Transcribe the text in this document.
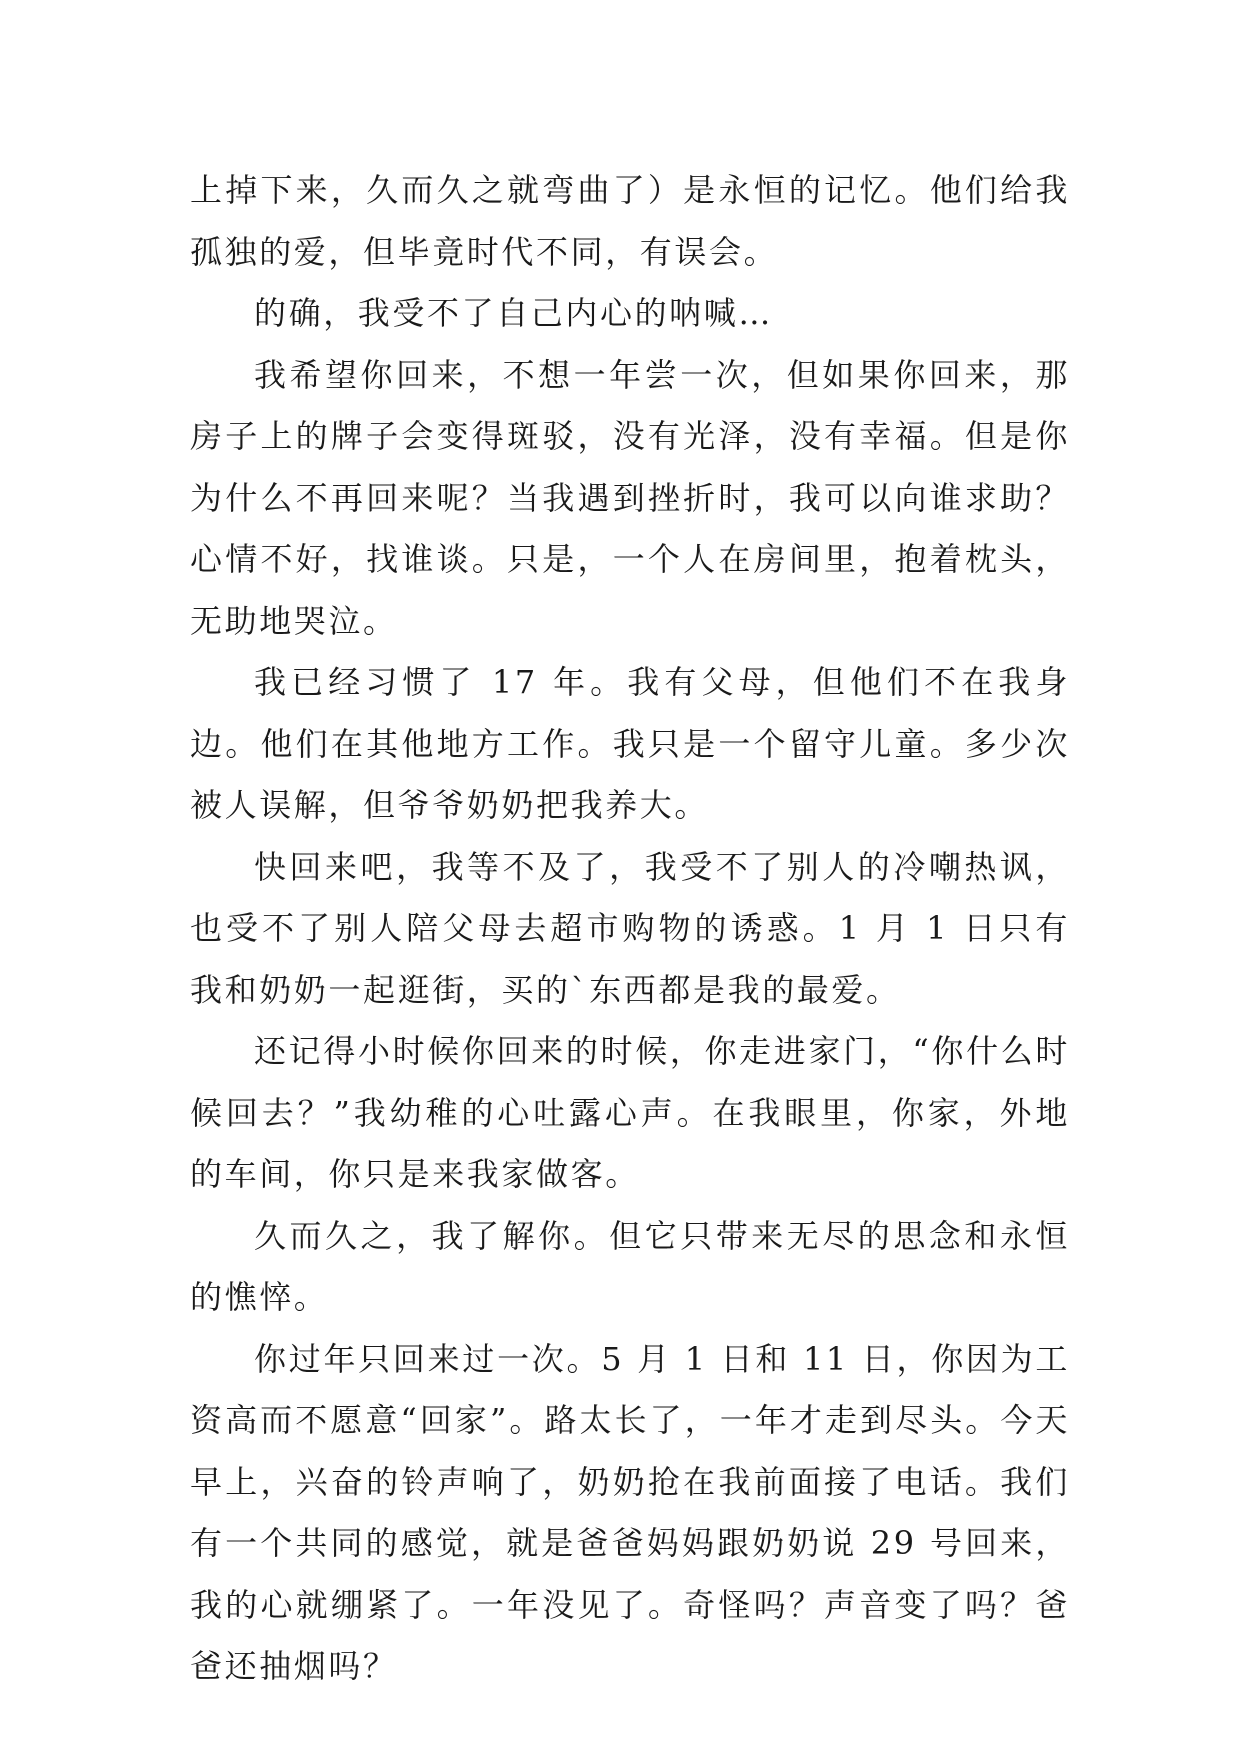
上掉下来，久而久之就弯曲了）是永恒的记忆。他们给我孤独的爱，但毕竟时代不同，有误会。

的确，我受不了自己内心的呐喊…

我希望你回来，不想一年尝一次，但如果你回来，那房子上的牌子会变得斑驳，没有光泽，没有幸福。但是你为什么不再回来呢？当我遇到挫折时，我可以向谁求助？心情不好，找谁谈。只是，一个人在房间里，抱着枕头，无助地哭泣。

我已经习惯了 17 年。我有父母，但他们不在我身边。他们在其他地方工作。我只是一个留守儿童。多少次被人误解，但爷爷奶奶把我养大。

快回来吧，我等不及了，我受不了别人的冷嘲热讽，也受不了别人陪父母去超市购物的诱惑。1 月 1 日只有我和奶奶一起逛街，买的`东西都是我的最爱。

还记得小时候你回来的时候，你走进家门，“你什么时候回去？”我幼稚的心吐露心声。在我眼里，你家，外地的车间，你只是来我家做客。

久而久之，我了解你。但它只带来无尽的思念和永恒的憔悴。

你过年只回来过一次。5 月 1 日和 11 日，你因为工资高而不愿意“回家”。路太长了，一年才走到尽头。今天早上，兴奋的铃声响了，奶奶抢在我前面接了电话。我们有一个共同的感觉，就是爸爸妈妈跟奶奶说 29 号回来，我的心就绷紧了。一年没见了。奇怪吗？声音变了吗？爸爸还抽烟吗？
